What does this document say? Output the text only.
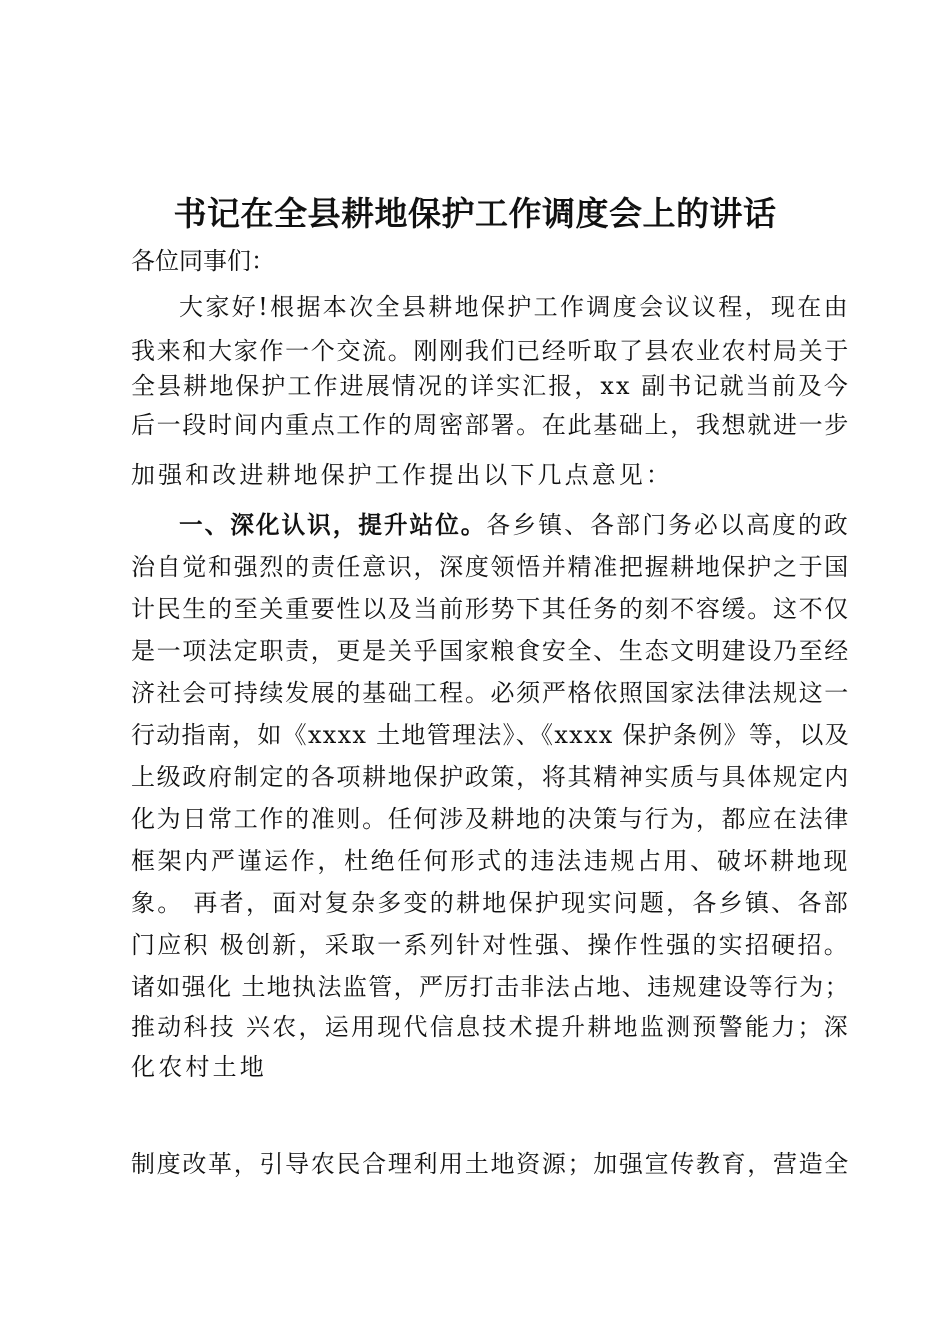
书记在全县耕地保护工作调度会上的讲话
各位同事们：
大家好!根据本次全县耕地保护工作调度会议议程，现在由
我来和大家作一个交流。刚刚我们已经听取了县农业农村局关于
全县耕地保护工作进展情况的详实汇报，xx 副书记就当前及今
后一段时间内重点工作的周密部署。在此基础上，我想就进一步
加强和改进耕地保护工作提出以下几点意见：
一、深化认识，提升站位。各乡镇、各部门务必以高度的政
治自觉和强烈的责任意识，深度领悟并精准把握耕地保护之于国
计民生的至关重要性以及当前形势下其任务的刻不容缓。这不仅
是一项法定职责，更是关乎国家粮食安全、生态文明建设乃至经
济社会可持续发展的基础工程。必须严格依照国家法律法规这一
行动指南，如《xxxx 土地管理法》、《xxxx 保护条例》等，以及
上级政府制定的各项耕地保护政策，将其精神实质与具体规定内
化为日常工作的准则。任何涉及耕地的决策与行为，都应在法律
框架内严谨运作，杜绝任何形式的违法违规占用、破坏耕地现
象。 再者，面对复杂多变的耕地保护现实问题，各乡镇、各部
门应积 极创新，采取一系列针对性强、操作性强的实招硬招。
诸如强化 土地执法监管，严厉打击非法占地、违规建设等行为；
推动科技 兴农，运用现代信息技术提升耕地监测预警能力；深
化农村土地
制度改革，引导农民合理利用土地资源；加强宣传教育，营造全
